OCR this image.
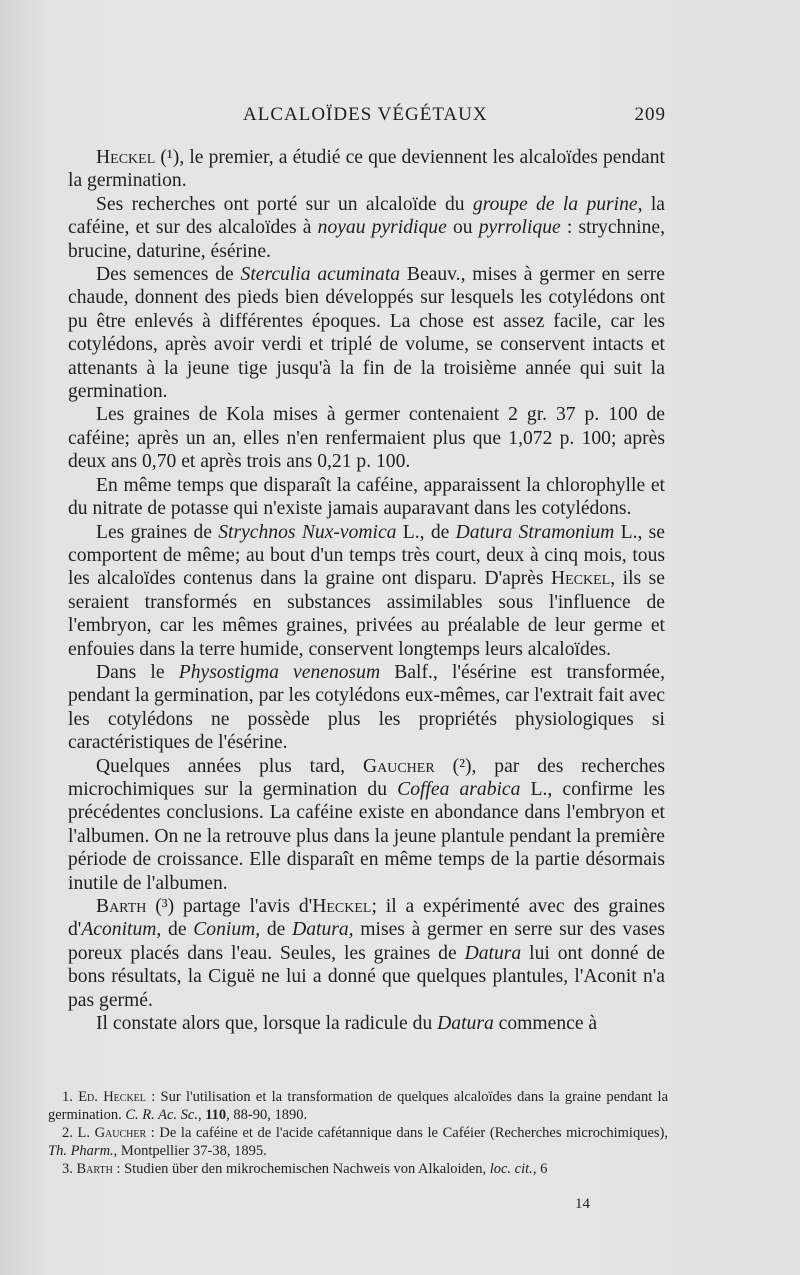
ALCALOÏDES VÉGÉTAUX	209

Heckel (¹), le premier, a étudié ce que deviennent les alcaloïdes pendant la germination.

Ses recherches ont porté sur un alcaloïde du groupe de la purine, la caféine, et sur des alcaloïdes à noyau pyridique ou pyrrolique : strychnine, brucine, daturine, ésérine.

Des semences de Sterculia acuminata Beauv., mises à germer en serre chaude, donnent des pieds bien développés sur lesquels les cotylédons ont pu être enlevés à différentes époques. La chose est assez facile, car les cotylédons, après avoir verdi et triplé de volume, se conservent intacts et attenants à la jeune tige jusqu'à la fin de la troisième année qui suit la germination.

Les graines de Kola mises à germer contenaient 2 gr. 37 p. 100 de caféine; après un an, elles n'en renfermaient plus que 1,072 p. 100; après deux ans 0,70 et après trois ans 0,21 p. 100.

En même temps que disparaît la caféine, apparaissent la chlorophylle et du nitrate de potasse qui n'existe jamais auparavant dans les cotylédons.

Les graines de Strychnos Nux-vomica L., de Datura Stramonium L., se comportent de même; au bout d'un temps très court, deux à cinq mois, tous les alcaloïdes contenus dans la graine ont disparu. D'après Heckel, ils se seraient transformés en substances assimilables sous l'influence de l'embryon, car les mêmes graines, privées au préalable de leur germe et enfouies dans la terre humide, conservent longtemps leurs alcaloïdes.

Dans le Physostigma venenosum Balf., l'ésérine est transformée, pendant la germination, par les cotylédons eux-mêmes, car l'extrait fait avec les cotylédons ne possède plus les propriétés physiologiques si caractéristiques de l'ésérine.

Quelques années plus tard, Gaucher (²), par des recherches microchimiques sur la germination du Coffea arabica L., confirme les précédentes conclusions. La caféine existe en abondance dans l'embryon et l'albumen. On ne la retrouve plus dans la jeune plantule pendant la première période de croissance. Elle disparaît en même temps de la partie désormais inutile de l'albumen.

Barth (³) partage l'avis d'Heckel; il a expérimenté avec des graines d'Aconitum, de Conium, de Datura, mises à germer en serre sur des vases poreux placés dans l'eau. Seules, les graines de Datura lui ont donné de bons résultats, la Ciguë ne lui a donné que quelques plantules, l'Aconit n'a pas germé.

Il constate alors que, lorsque la radicule du Datura commence à

1. Ed. Heckel : Sur l'utilisation et la transformation de quelques alcaloïdes dans la graine pendant la germination. C. R. Ac. Sc., 110, 88-90, 1890.

2. L. Gaucher : De la caféine et de l'acide cafétannique dans le Caféier (Recherches microchimiques), Th. Pharm., Montpellier 37-38, 1895.

3. Barth : Studien über den mikrochemischen Nachweis von Alkaloiden, loc. cit., 6

14
